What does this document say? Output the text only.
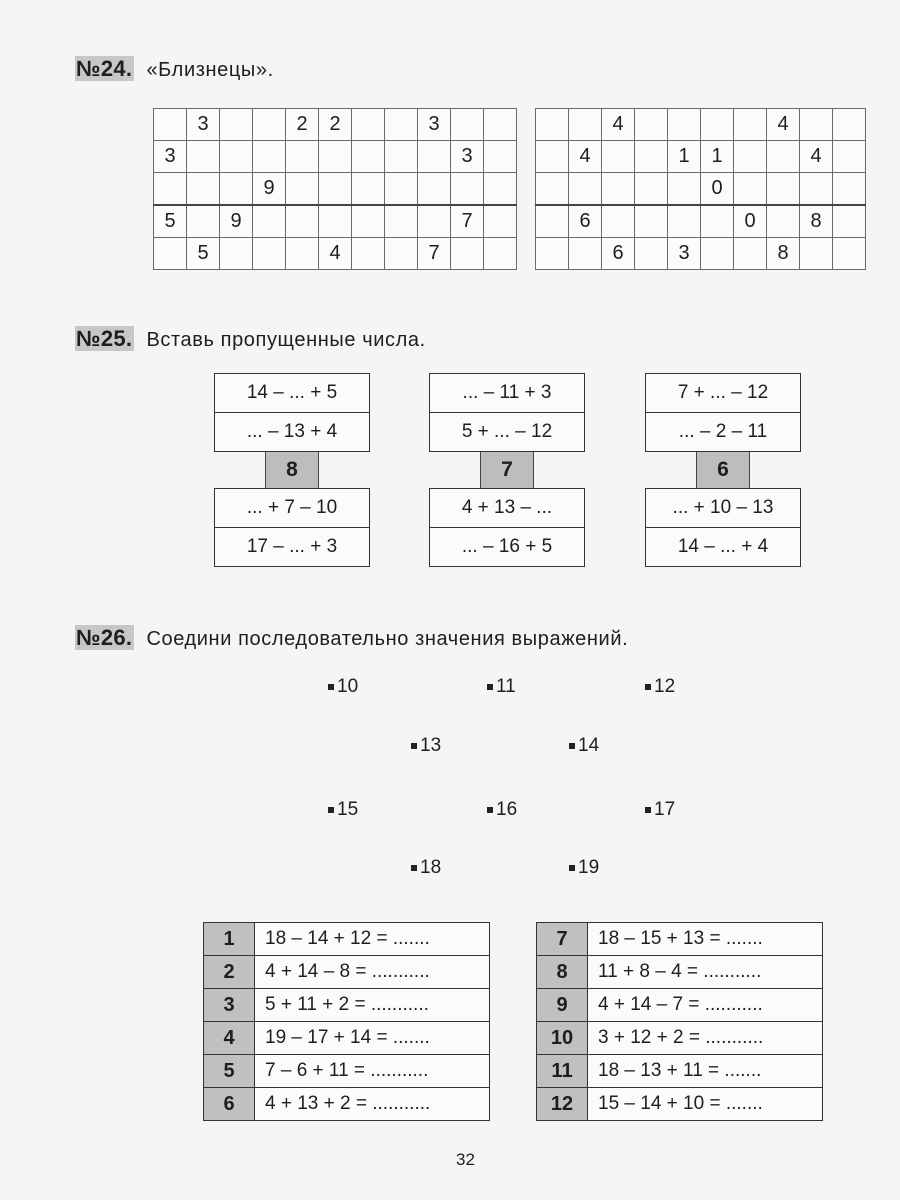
№24. «Близнецы».
	3			2	2			3		
3									3	
			9							
5		9							7	
	5				4			7		
		4					4		
	4			1	1			4	
					0				
	6					0		8	
		6		3			8		
№25. Вставь пропущенные числа.
14 – ... + 5
... – 13 + 4
8
... + 7 – 10
17 – ... + 3
... – 11 + 3
5 + ... – 12
7
4 + 13 – ...
... – 16 + 5
7 + ... – 12
... – 2 – 11
6
... + 10 – 13
14 – ... + 4
№26. Соедини последовательно значения выражений.
10	11	12
13	14
15	16	17
18	19
1	18 – 14 + 12 = .......
2	4 + 14 – 8 = ...........
3	5 + 11 + 2 = ...........
4	19 – 17 + 14 = .......
5	7 – 6 + 11 = ...........
6	4 + 13 + 2 = ...........
7	18 – 15 + 13 = .......
8	11 + 8 – 4 = ...........
9	4 + 14 – 7 = ...........
10	3 + 12 + 2 = ...........
11	18 – 13 + 11 = .......
12	15 – 14 + 10 = .......
32
